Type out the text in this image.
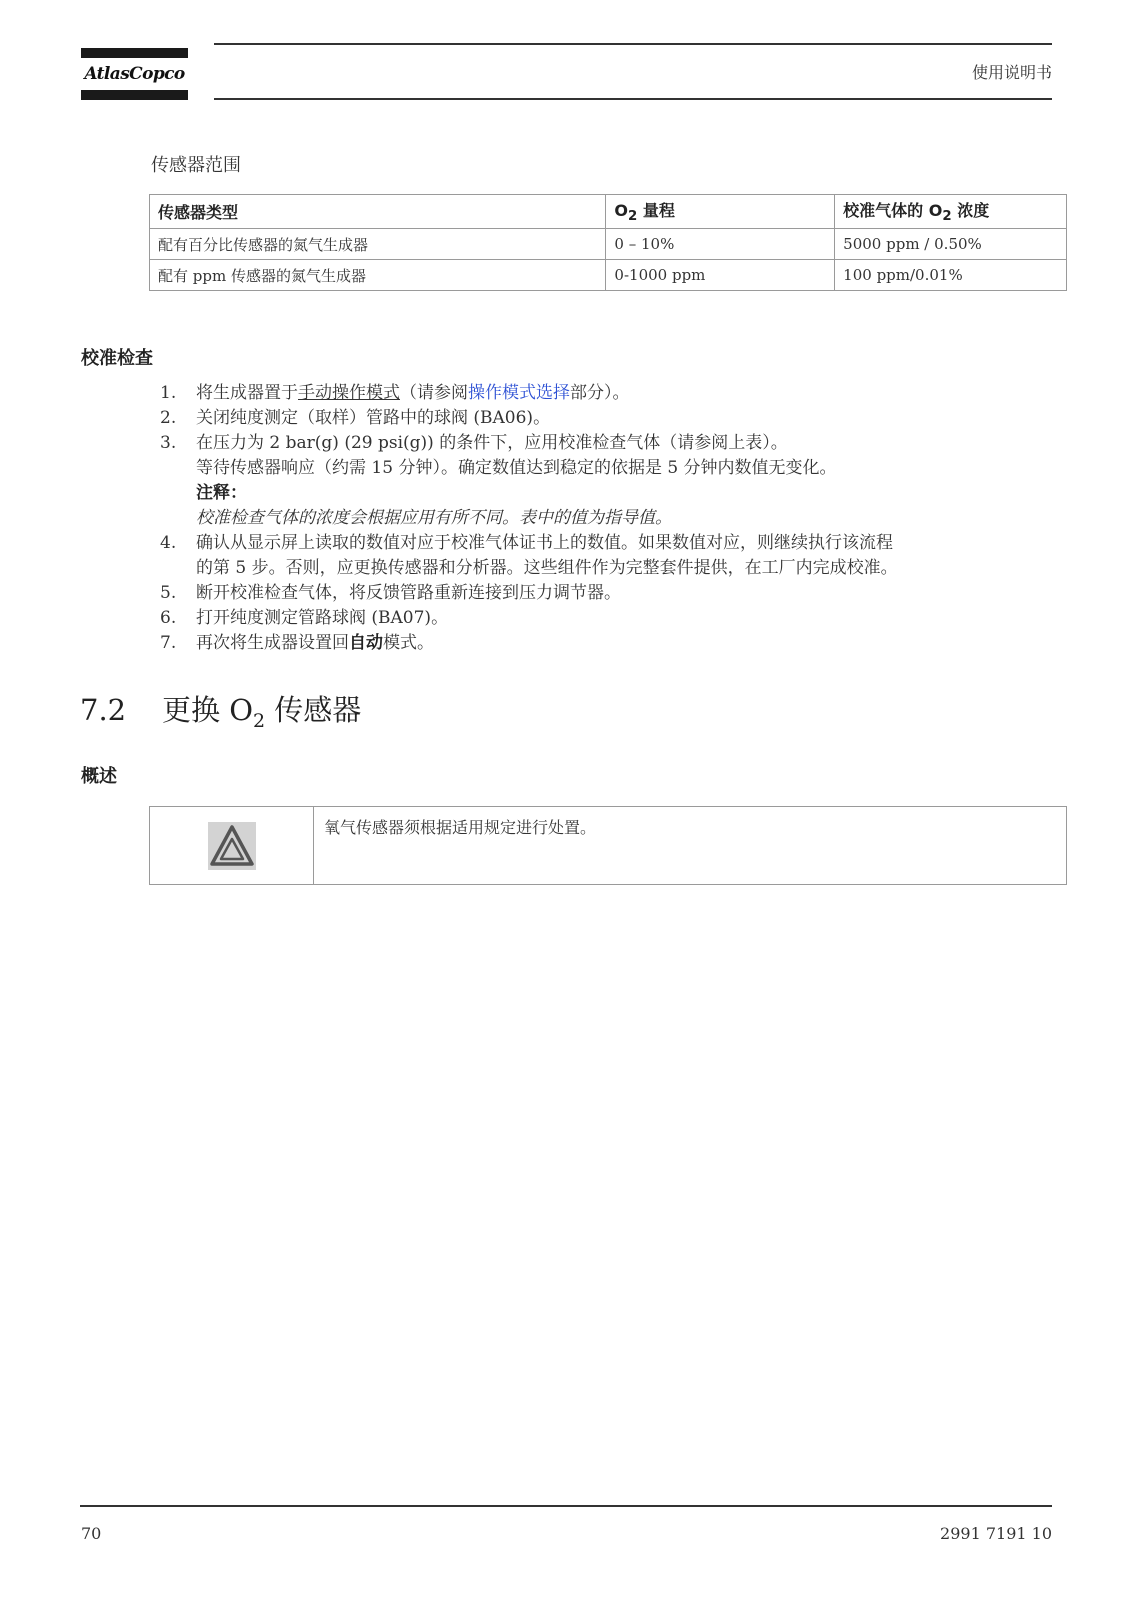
AtlasCopco	使用说明书
传感器范围
传感器类型	$O_2$ 量程	校准气体的 $O_2$ 浓度
配有百分比传感器的氮气生成器	0 – 10%	5000 ppm / 0.50%
配有 ppm 传感器的氮气生成器	0-1000 ppm	100 ppm/0.01%
校准检查
1. 将生成器置于手动操作模式（请参阅操作模式选择部分）。
2. 关闭纯度测定（取样）管路中的球阀 (BA06)。
3. 在压力为 2 bar(g) (29 psi(g)) 的条件下，应用校准检查气体（请参阅上表）。
等待传感器响应（约需 15 分钟）。确定数值达到稳定的依据是 5 分钟内数值无变化。
注释：
校准检查气体的浓度会根据应用有所不同。表中的值为指导值。
4. 确认从显示屏上读取的数值对应于校准气体证书上的数值。如果数值对应，则继续执行该流程
的第 5 步。否则，应更换传感器和分析器。这些组件作为完整套件提供，在工厂内完成校准。
5. 断开校准检查气体，将反馈管路重新连接到压力调节器。
6. 打开纯度测定管路球阀 (BA07)。
7. 再次将生成器设置回自动模式。
7.2 更换 $O_2$ 传感器
概述
	氧气传感器须根据适用规定进行处置。
70	2991 7191 10
